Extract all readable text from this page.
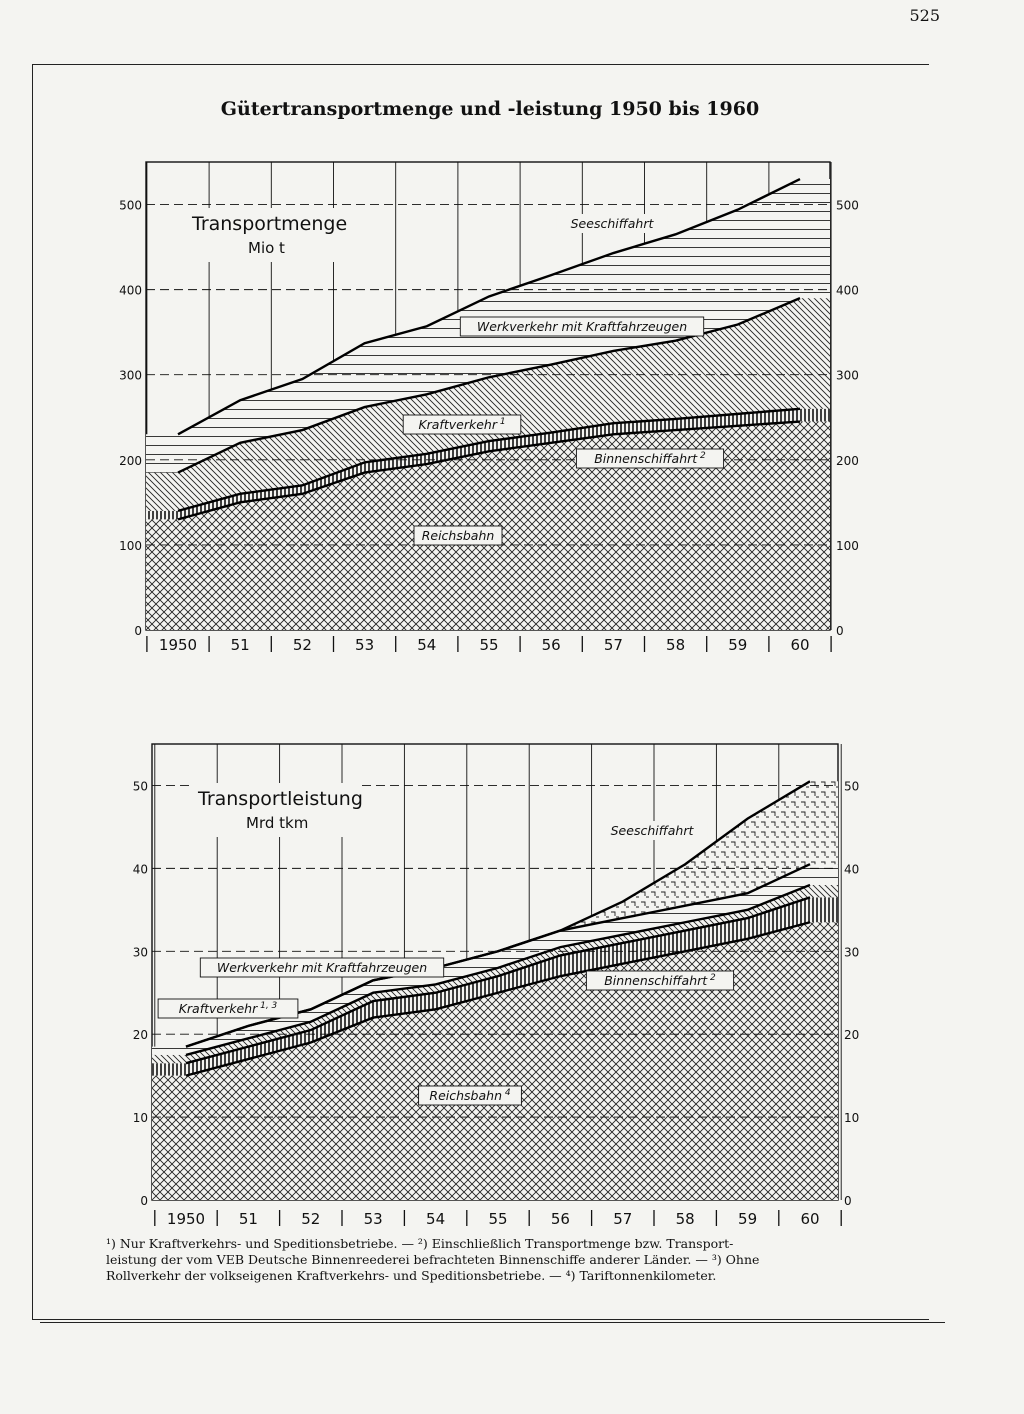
525
Gütertransportmenge und -leistung 1950 bis 1960
0	0
100	100
200	200
300	300
400	400
500	500
1950 51	52	53	54	55	56	57	58	59	60
Transportmenge
Mio t
Reichsbahn
Binnenschiffahrt $^2$
Kraftverkehr $^1$
Werkverkehr mit Kraftfahrzeugen
Seeschiffahrt
0	0
10	10
20	20
30	30
40	40
50	50
1950 51	52	53	54	55	56	57	58	59	60
Transportleistung
Mrd tkm
Reichsbahn $^4$
Binnenschiffahrt $^2$
Kraftverkehr $^{1, 3}$
Werkverkehr mit Kraftfahrzeugen
Seeschiffahrt

¹) Nur Kraftverkehrs- und Speditionsbetriebe. — ²) Einschließlich Transportmenge bzw. Transport-

leistung der vom VEB Deutsche Binnenreederei befrachteten Binnenschiffe anderer Länder. — ³) Ohne

Rollverkehr der volkseigenen Kraftverkehrs- und Speditionsbetriebe. — ⁴) Tariftonnenkilometer.
